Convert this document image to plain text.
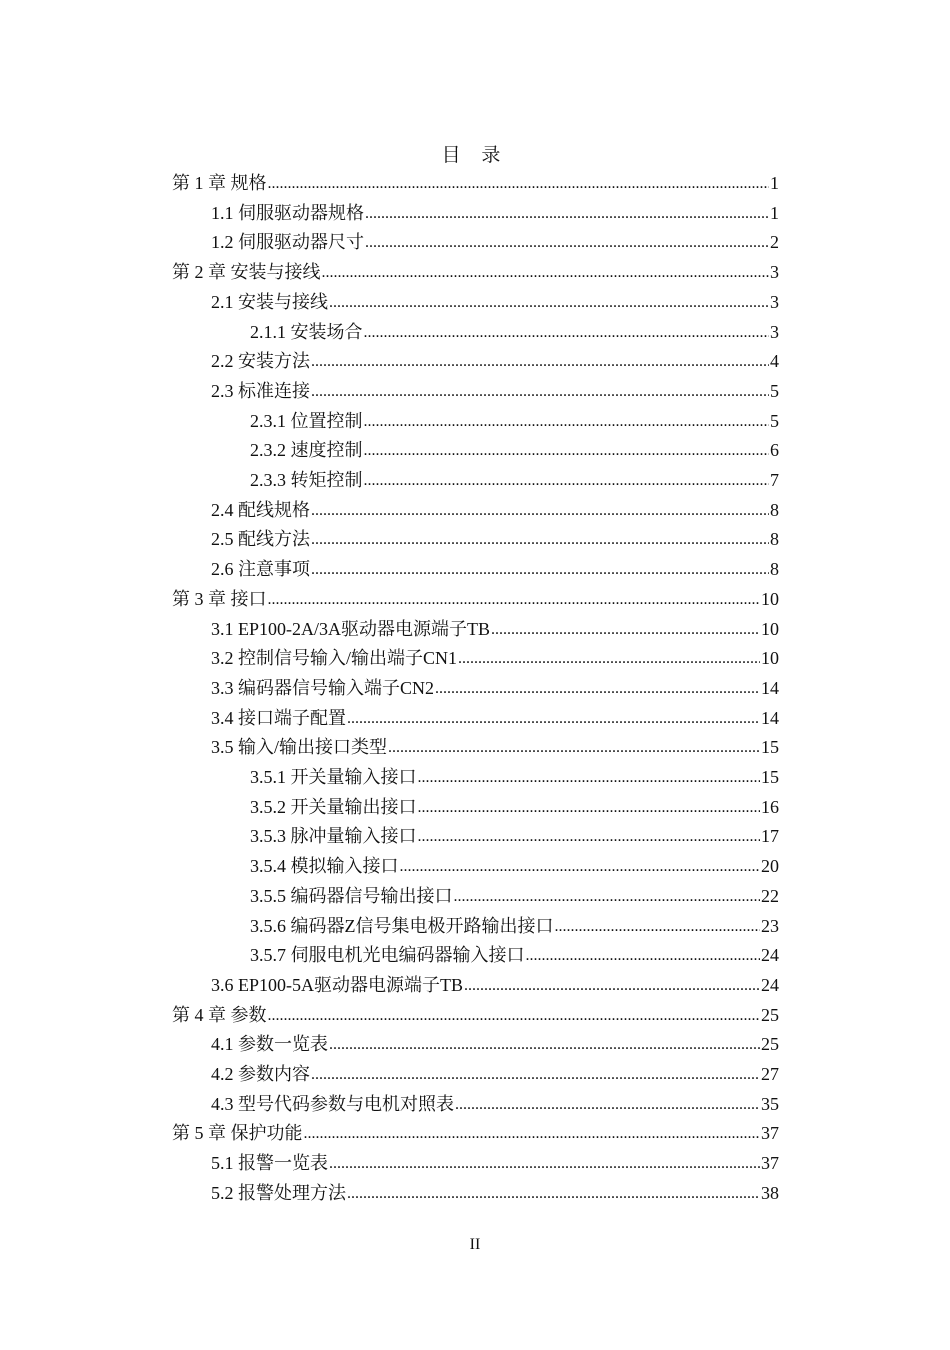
目 录
第 1 章 规格 .....	1
1.1 伺服驱动器规格 .....	1
1.2 伺服驱动器尺寸 .....	2
第 2 章 安装与接线 .....	3
2.1 安装与接线 .....	3
2.1.1 安装场合 .....	3
2.2 安装方法 .....	4
2.3 标准连接 .....	5
2.3.1 位置控制 .....	5
2.3.2 速度控制 .....	6
2.3.3 转矩控制 .....	7
2.4 配线规格 .....	8
2.5 配线方法 .....	8
2.6 注意事项 .....	8
第 3 章 接口 .....	10
3.1 EP100-2A/3A驱动器电源端子TB .....	10
3.2 控制信号输入/输出端子CN1 .....	10
3.3 编码器信号输入端子CN2 .....	14
3.4 接口端子配置 .....	14
3.5 输入/输出接口类型 .....	15
3.5.1 开关量输入接口 .....	15
3.5.2 开关量输出接口 .....	16
3.5.3 脉冲量输入接口 .....	17
3.5.4 模拟输入接口 .....	20
3.5.5 编码器信号输出接口 .....	22
3.5.6 编码器Z信号集电极开路输出接口 .....	23
3.5.7 伺服电机光电编码器输入接口 .....	24
3.6 EP100-5A驱动器电源端子TB .....	24
第 4 章 参数 .....	25
4.1 参数一览表 .....	25
4.2 参数内容 .....	27
4.3 型号代码参数与电机对照表 .....	35
第 5 章 保护功能 .....	37
5.1 报警一览表 .....	37
5.2 报警处理方法 .....	38
II
